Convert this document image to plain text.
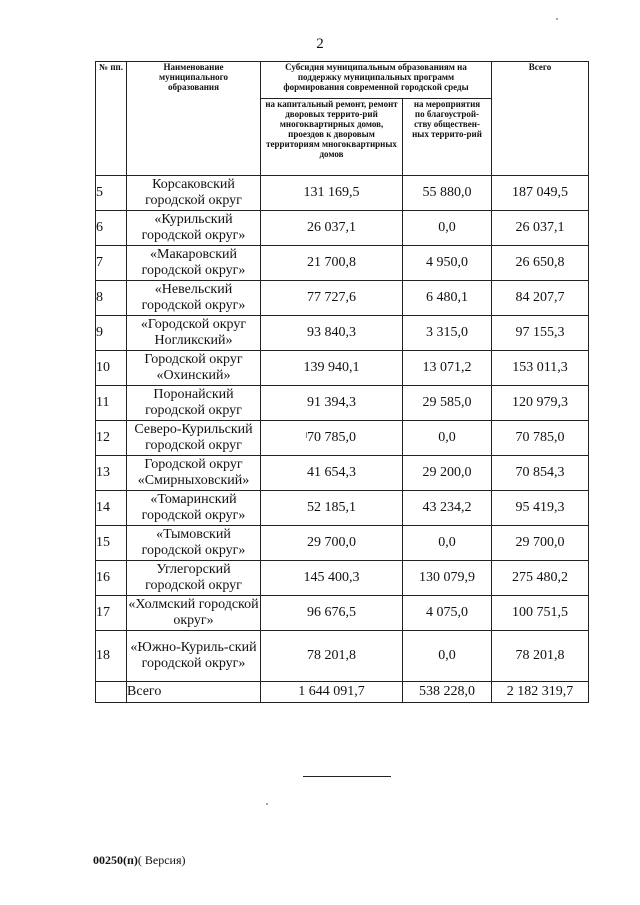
2
№ пп.	Наименование муниципального образования	Субсидия муниципальным образованиям на поддержку муниципальных программ формирования современной городской среды		Всего
		на капитальный ремонт, ремонт дворовых террито-рий многоквартирных домов, проездов к дворовым территориям многоквартирных домов	на мероприятия по благоустрой-ству обществен-ных террито-рий	
5	Корсаковский городской округ	131 169,5	55 880,0	187 049,5
6	«Курильский городской округ»	26 037,1	0,0	26 037,1
7	«Макаровский городской округ»	21 700,8	4 950,0	26 650,8
8	«Невельский городской округ»	77 727,6	6 480,1	84 207,7
9	«Городской округ Ногликский»	93 840,3	3 315,0	97 155,3
10	Городской округ «Охинский»	139 940,1	13 071,2	153 011,3
11	Поронайский городской округ	91 394,3	29 585,0	120 979,3
12	Северо-Курильский городской округ	70 785,0	0,0	70 785,0
13	Городской округ «Смирныховский»	41 654,3	29 200,0	70 854,3
14	«Томаринский городской округ»	52 185,1	43 234,2	95 419,3
15	«Тымовский городской округ»	29 700,0	0,0	29 700,0
16	Углегорский городской округ	145 400,3	130 079,9	275 480,2
17	«Холмский городской округ»	96 676,5	4 075,0	100 751,5
18	«Южно-Куриль-ский городской округ»	78 201,8	0,0	78 201,8
	Всего	1 644 091,7	538 228,0	2 182 319,7
00250(п)( Версия)
